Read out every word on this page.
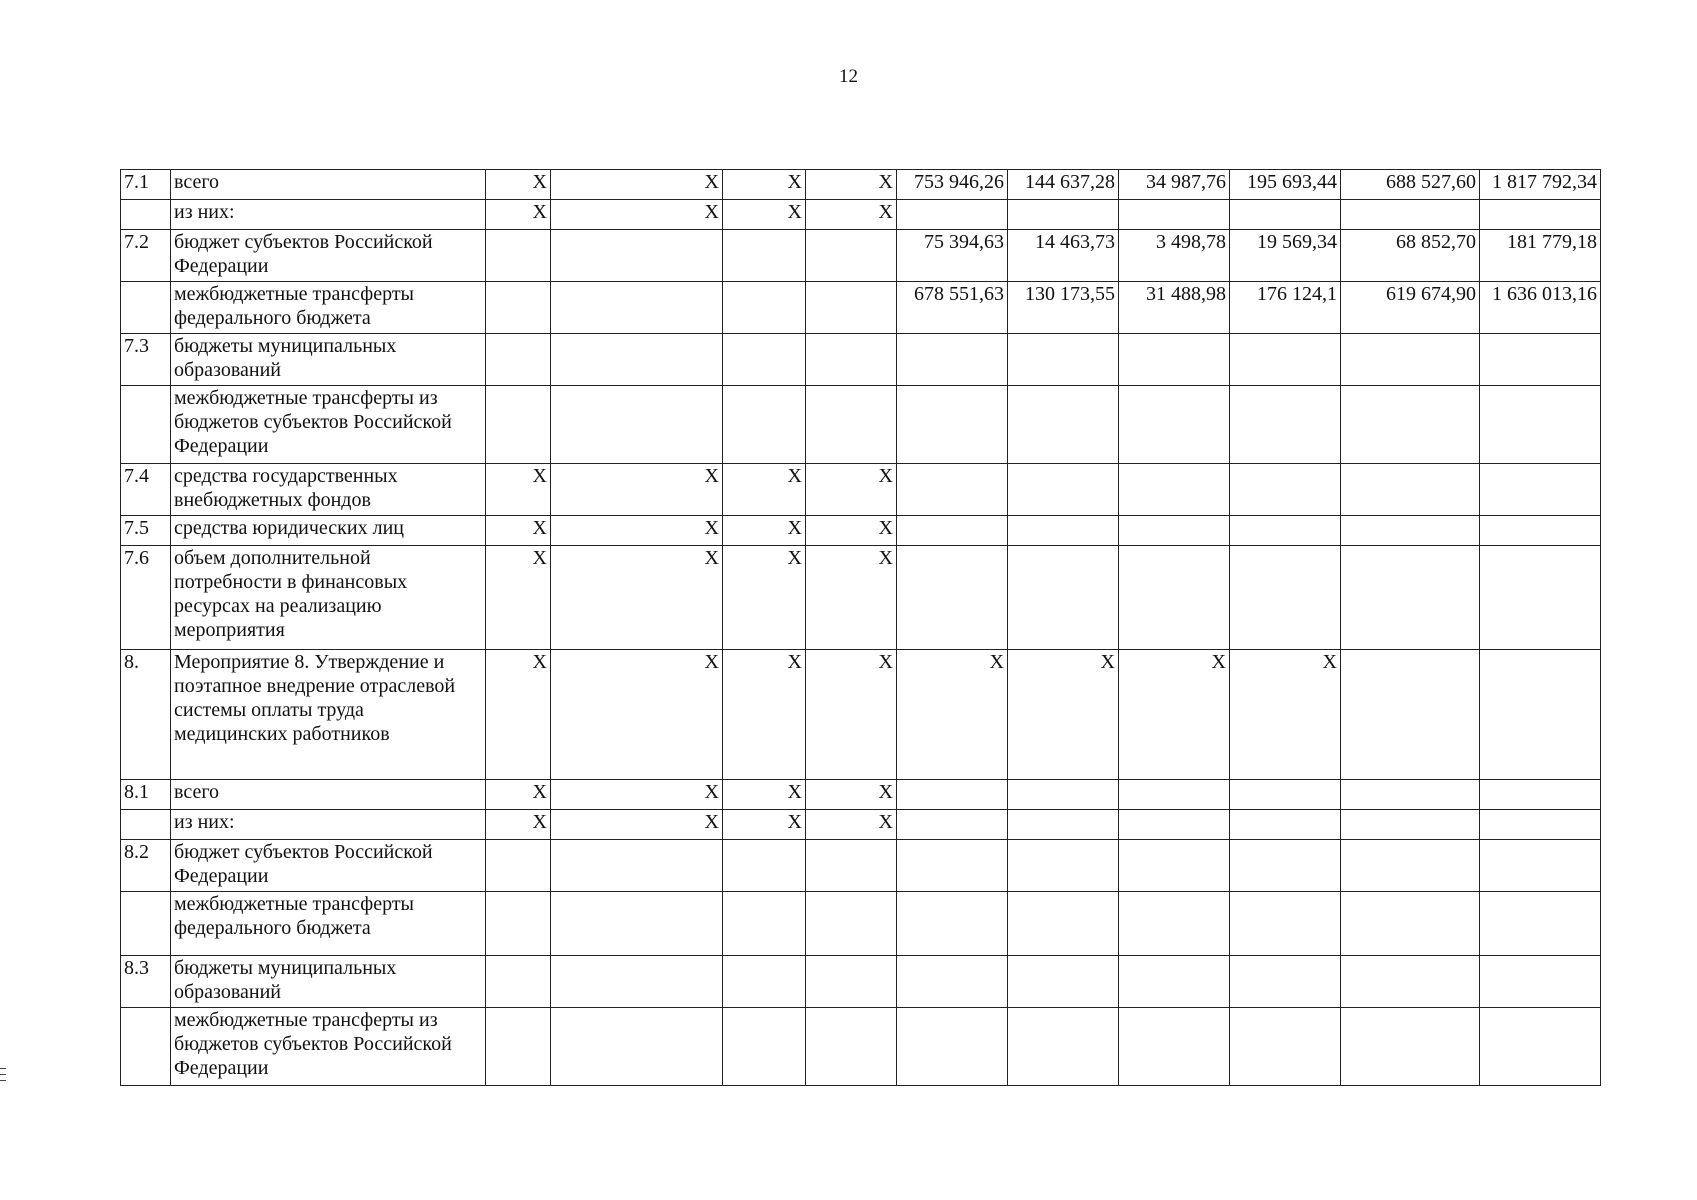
12
7.1	всего	X	X	X	X	753 946,26	144 637,28	34 987,76	195 693,44	688 527,60	1 817 792,34
	из них:	X	X	X	X						
7.2	бюджет субъектов Российской Федерации					75 394,63	14 463,73	3 498,78	19 569,34	68 852,70	181 779,18
	межбюджетные трансферты федерального бюджета					678 551,63	130 173,55	31 488,98	176 124,1	619 674,90	1 636 013,16
7.3	бюджеты муниципальных образований										
	межбюджетные трансферты из бюджетов субъектов Российской Федерации										
7.4	средства государственных внебюджетных фондов	X	X	X	X						
7.5	средства юридических лиц	X	X	X	X						
7.6	объем дополнительной потребности в финансовых ресурсах на реализацию мероприятия	X	X	X	X						
8.	Мероприятие 8. Утверждение и поэтапное внедрение отраслевой системы оплаты труда медицинских работников	X	X	X	X	X	X	X	X		
8.1	всего	X	X	X	X						
	из них:	X	X	X	X						
8.2	бюджет субъектов Российской Федерации										
	межбюджетные трансферты федерального бюджета										
8.3	бюджеты муниципальных образований										
	межбюджетные трансферты из бюджетов субъектов Российской Федерации										
